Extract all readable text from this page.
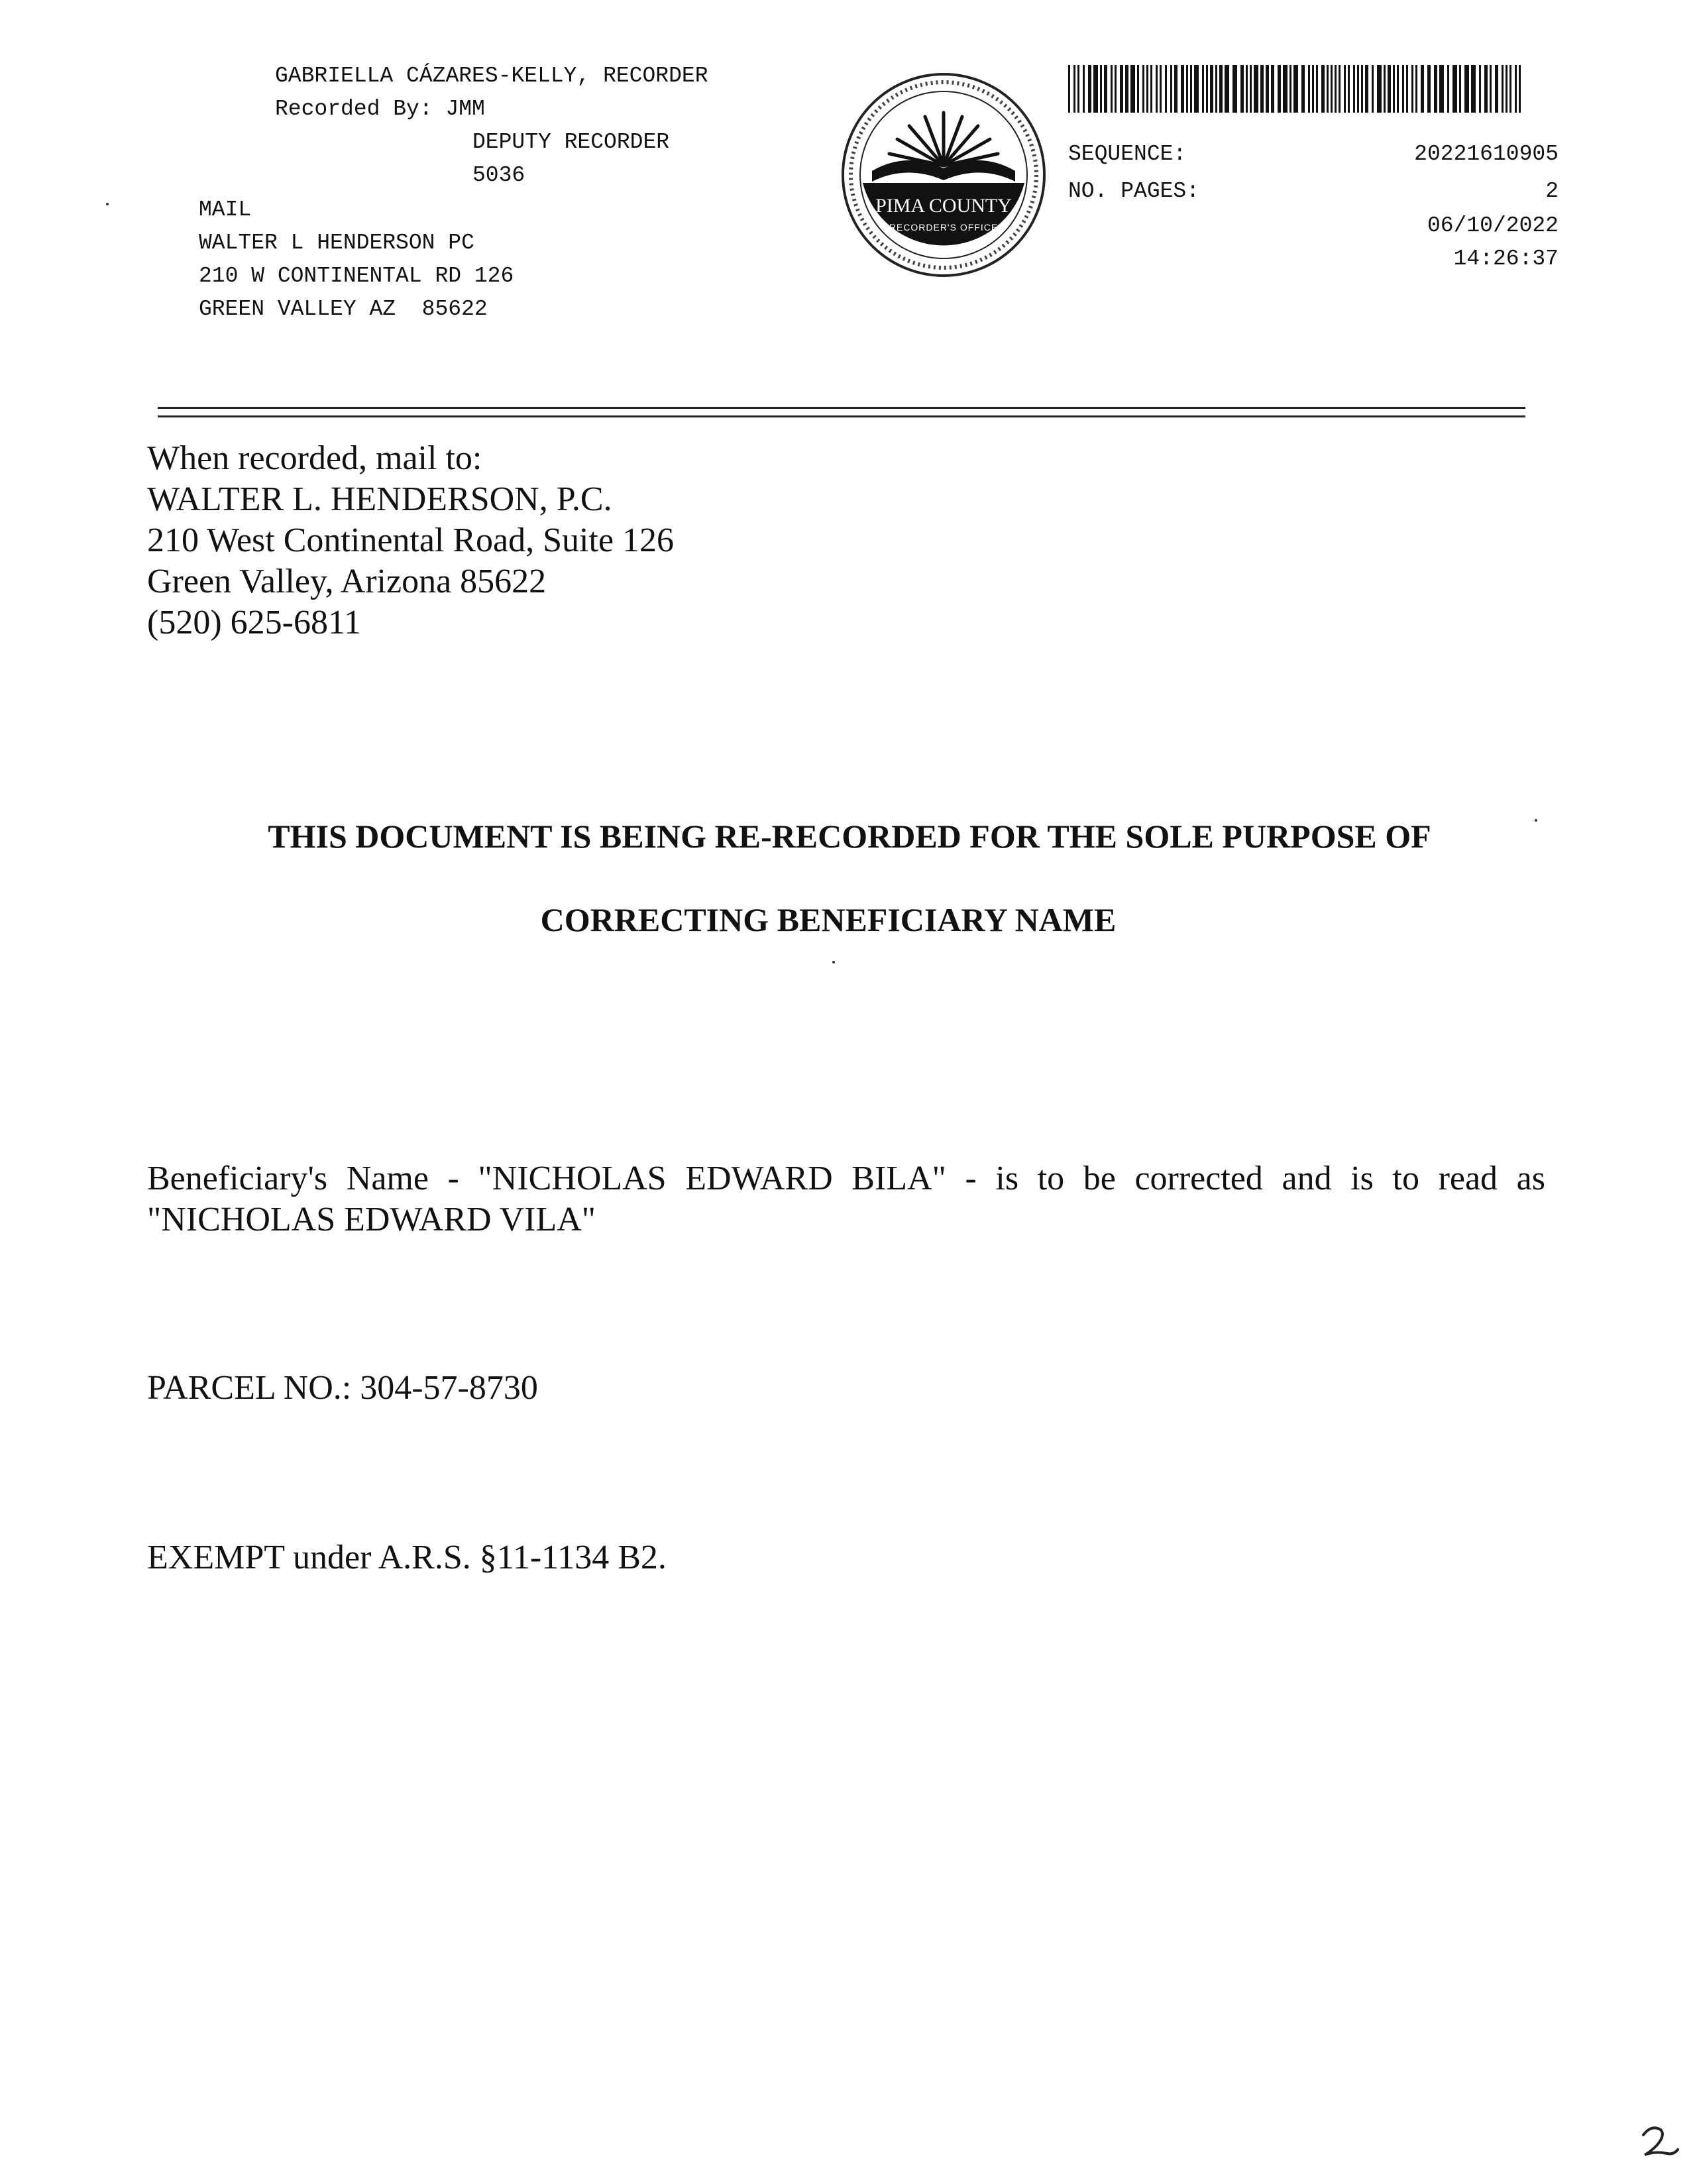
GABRIELLA CÁZARES-KELLY, RECORDER
Recorded By: JMM
DEPUTY RECORDER
5036
MAIL
WALTER L HENDERSON PC
210 W CONTINENTAL RD 126
GREEN VALLEY AZ  85622
PIMA COUNTY
RECORDER'S OFFICE
SEQUENCE:	20221610905
NO. PAGES:	2
06/10/2022
14:26:37
When recorded, mail to:
WALTER L. HENDERSON, P.C.
210 West Continental Road, Suite 126
Green Valley, Arizona 85622
(520) 625-6811
THIS DOCUMENT IS BEING RE-RECORDED FOR THE SOLE PURPOSE OF
CORRECTING BENEFICIARY NAME
Beneficiary's Name - "NICHOLAS EDWARD BILA" - is to be corrected and is to read as "NICHOLAS EDWARD VILA"
PARCEL NO.: 304-57-8730
EXEMPT under A.R.S. §11-1134 B2.
